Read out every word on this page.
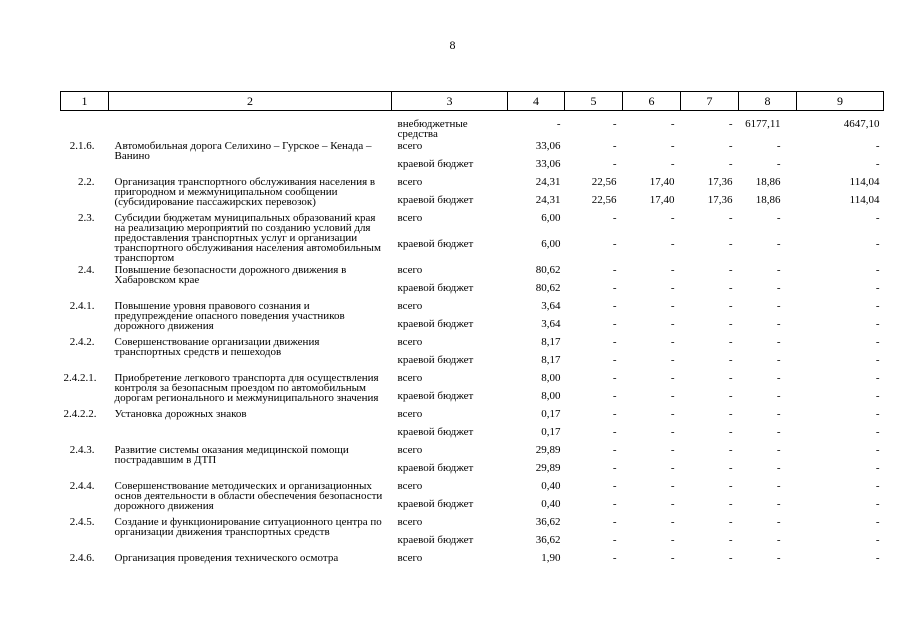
8
1	2	3	4	5	6	7	8	9
		внебюджетные средства	-	-	-	-	6177,11	4647,10
2.1.6.	Автомобильная дорога Селихино – Гурское – Кенада – Ванино	всего	33,06	-	-	-	-	-
		краевой бюджет	33,06	-	-	-	-	-
2.2.	Организация транспортного обслуживания населения в пригородном и межмуниципальном сообщении (субсидирование пассажирских перевозок)	всего	24,31	22,56	17,40	17,36	18,86	114,04
		краевой бюджет	24,31	22,56	17,40	17,36	18,86	114,04
2.3.	Субсидии бюджетам муниципальных образований края на реализацию мероприятий по созданию условий для предоставления транспортных услуг и организации транспортного обслуживания населения автомобильным транспортом	всего	6,00	-	-	-	-	-
		краевой бюджет	6,00	-	-	-	-	-
2.4.	Повышение безопасности дорожного движения в Хабаровском крае	всего	80,62	-	-	-	-	-
		краевой бюджет	80,62	-	-	-	-	-
2.4.1.	Повышение уровня правового сознания и предупреждение опасного поведения участников дорожного движения	всего	3,64	-	-	-	-	-
		краевой бюджет	3,64	-	-	-	-	-
2.4.2.	Совершенствование организации движения транспортных средств и пешеходов	всего	8,17	-	-	-	-	-
		краевой бюджет	8,17	-	-	-	-	-
2.4.2.1.	Приобретение легкового транспорта для осуществления контроля за безопасным проездом по автомобильным дорогам регионального и межмуниципального значения	всего	8,00	-	-	-	-	-
		краевой бюджет	8,00	-	-	-	-	-
2.4.2.2.	Установка дорожных знаков	всего	0,17	-	-	-	-	-
		краевой бюджет	0,17	-	-	-	-	-
2.4.3.	Развитие системы оказания медицинской помощи пострадавшим в ДТП	всего	29,89	-	-	-	-	-
		краевой бюджет	29,89	-	-	-	-	-
2.4.4.	Совершенствование методических и организационных основ деятельности в области обеспечения безопасности дорожного движения	всего	0,40	-	-	-	-	-
		краевой бюджет	0,40	-	-	-	-	-
2.4.5.	Создание и функционирование ситуационного центра по организации движения транспортных средств	всего	36,62	-	-	-	-	-
		краевой бюджет	36,62	-	-	-	-	-
2.4.6.	Организация проведения технического осмотра	всего	1,90	-	-	-	-	-
